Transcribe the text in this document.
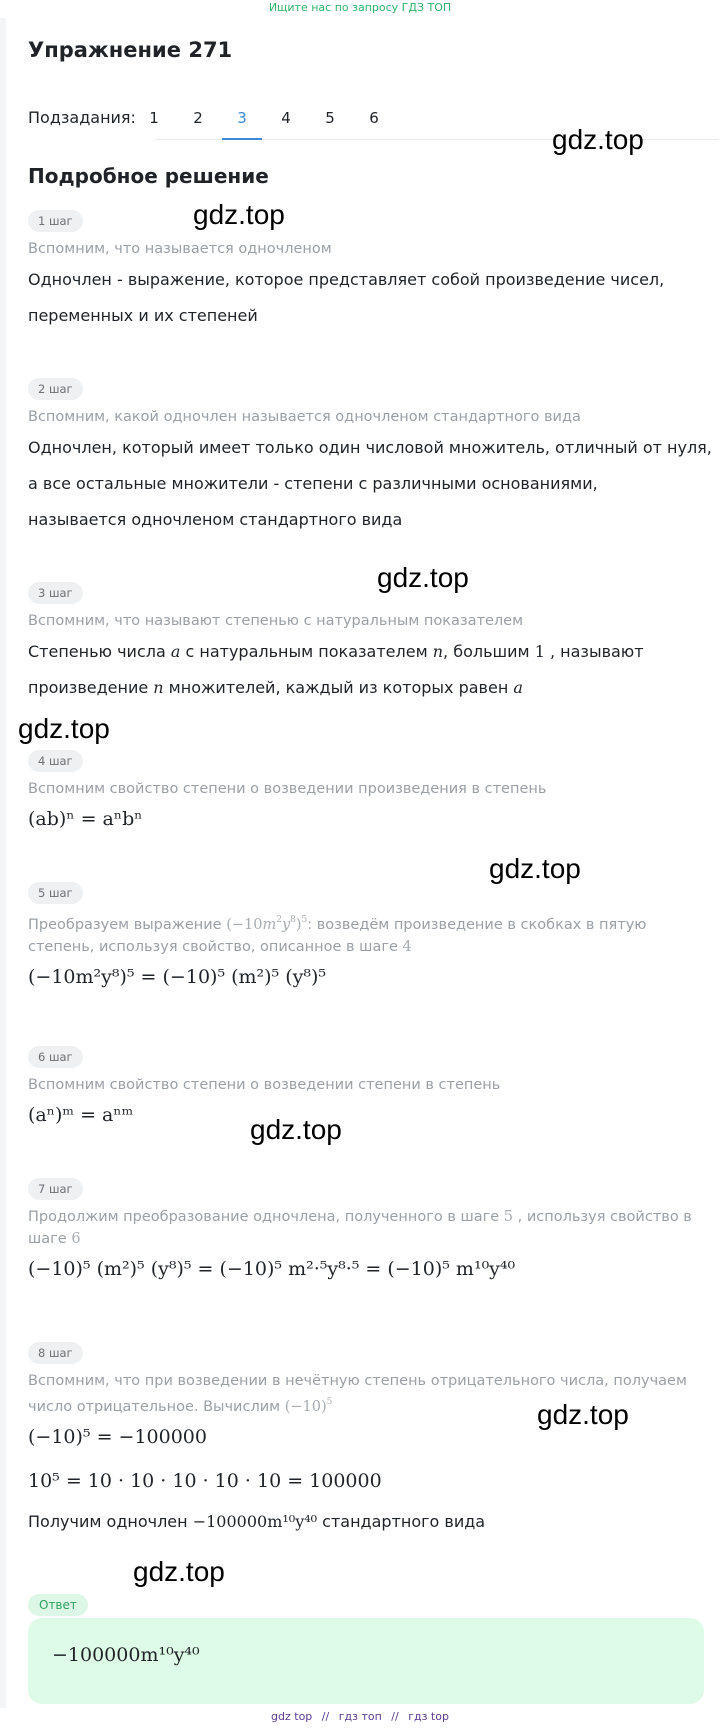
Ищите нас по запросу ГДЗ ТОП
Упражнение 271
Подзадания: 1	2	3	4	5	6
Подробное решение
1 шаг
Вспомним, что называется одночленом
Одночлен - выражение, которое представляет собой произведение чисел,
переменных и их степеней
2 шаг
Вспомним, какой одночлен называется одночленом стандартного вида
Одночлен, который имеет только один числовой множитель, отличный от нуля,
а все остальные множители - степени с различными основаниями,
называется одночленом стандартного вида
3 шаг
Вспомним, что называют степенью с натуральным показателем
Степенью числа a с натуральным показателем n, большим 1 , называют
произведение n множителей, каждый из которых равен a
4 шаг
Вспомним свойство степени о возведении произведения в степень
(ab)ⁿ = aⁿbⁿ
5 шаг
Преобразуем выражение $(-10m^2y^8)^5$: возведём произведение в скобках в пятую
степень, используя свойство, описанное в шаге 4
(−10m²y⁸)⁵ = (−10)⁵ (m²)⁵ (y⁸)⁵
6 шаг
Вспомним свойство степени о возведении степени в степень
(aⁿ)ᵐ = aⁿᵐ
7 шаг
Продолжим преобразование одночлена, полученного в шаге 5 , используя свойство в
шаге 6
(−10)⁵ (m²)⁵ (y⁸)⁵ = (−10)⁵ m²·⁵y⁸·⁵ = (−10)⁵ m¹⁰y⁴⁰
8 шаг
Вспомним, что при возведении в нечётную степень отрицательного числа, получаем
число отрицательное. Вычислим $(-10)^5$
(−10)⁵ = −100000
10⁵ = 10 · 10 · 10 · 10 · 10 = 100000
Получим одночлен −100000m¹⁰y⁴⁰ стандартного вида
Ответ
−100000m¹⁰y⁴⁰
gdz.top
gdz.top
gdz.top
gdz.top
gdz.top
gdz.top
gdz.top
gdz.top
gdz top // гдз топ // гдз top
